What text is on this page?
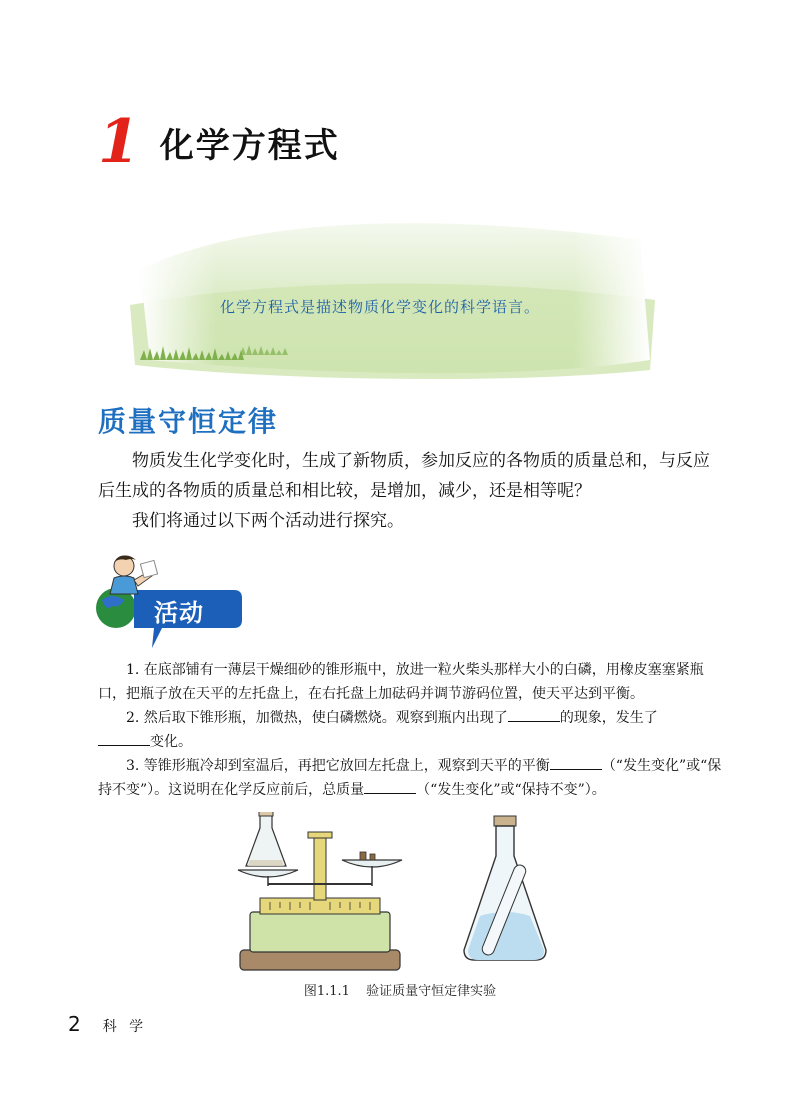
1 化学方程式
化学方程式是描述物质化学变化的科学语言。
质量守恒定律
物质发生化学变化时，生成了新物质，参加反应的各物质的质量总和，与反应后生成的各物质的质量总和相比较，是增加，减少，还是相等呢？
我们将通过以下两个活动进行探究。
活动

1. 在底部铺有一薄层干燥细砂的锥形瓶中，放进一粒火柴头那样大小的白磷，用橡皮塞塞紧瓶口，把瓶子放在天平的左托盘上，在右托盘上加砝码并调节游码位置，使天平达到平衡。

2. 然后取下锥形瓶，加微热，使白磷燃烧。观察到瓶内出现了	的现象，发生了
变化。

3. 等锥形瓶冷却到室温后，再把它放回左托盘上，观察到天平的平衡	（“发生变化”或“保持不变”）。这说明在化学反应前后，总质量	（“发生变化”或“保持不变”）。

图1.1.1 验证质量守恒定律实验
2 科 学
